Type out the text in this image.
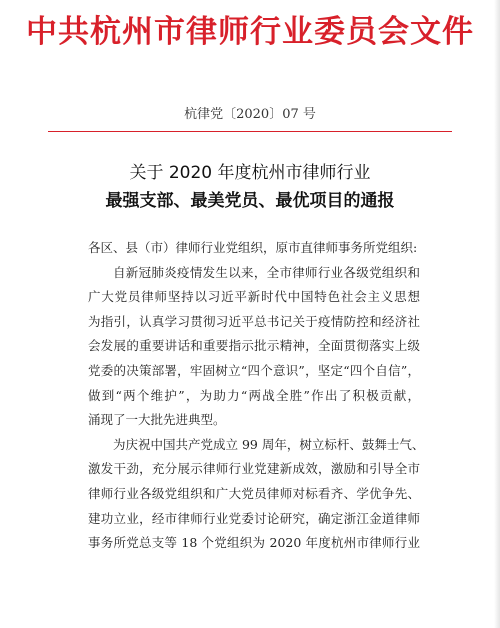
中共杭州市律师行业委员会文件
杭律党〔2020〕07 号
关于 2020 年度杭州市律师行业
最强支部、最美党员、最优项目的通报
各区、县（市）律师行业党组织，原市直律师事务所党组织:
自新冠肺炎疫情发生以来，全市律师行业各级党组织和
广大党员律师坚持以习近平新时代中国特色社会主义思想
为指引，认真学习贯彻习近平总书记关于疫情防控和经济社
会发展的重要讲话和重要指示批示精神，全面贯彻落实上级
党委的决策部署，牢固树立“四个意识”，坚定“四个自信”，
做到“两个维护”，为助力“两战全胜”作出了积极贡献，
涌现了一大批先进典型。
为庆祝中国共产党成立 99 周年，树立标杆、鼓舞士气、
激发干劲，充分展示律师行业党建新成效，激励和引导全市
律师行业各级党组织和广大党员律师对标看齐、学优争先、
建功立业，经市律师行业党委讨论研究，确定浙江金道律师
事务所党总支等 18 个党组织为 2020 年度杭州市律师行业
